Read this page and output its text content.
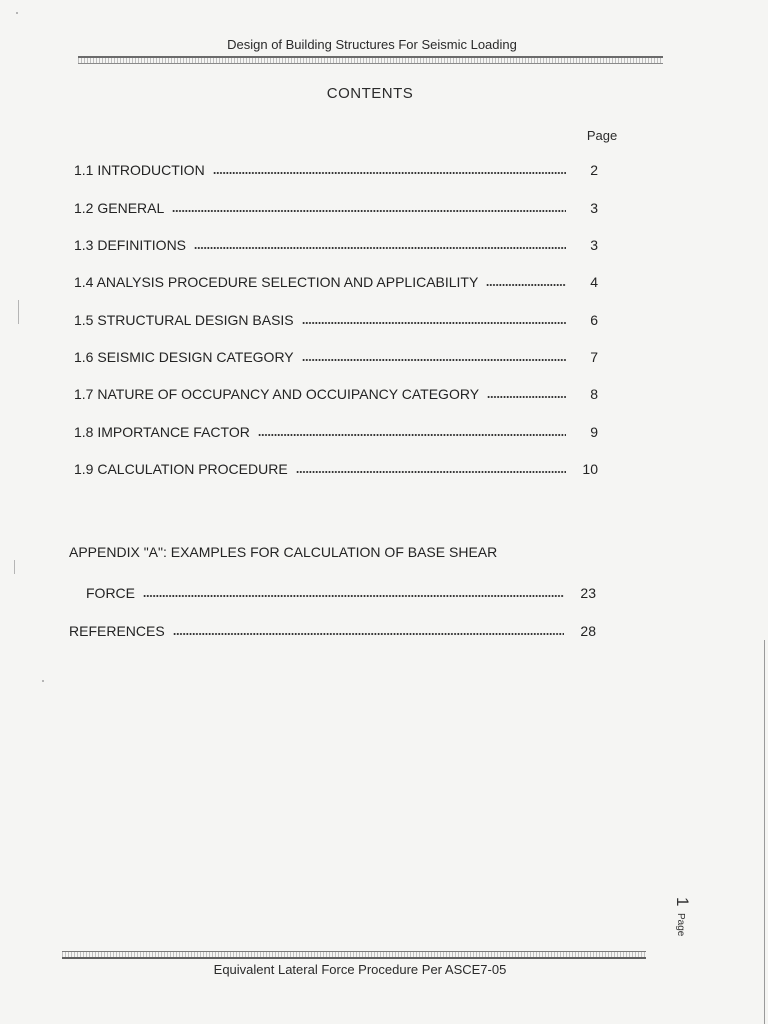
Design of Building Structures For Seismic Loading
CONTENTS
Page
1.1 INTRODUCTION	2
1.2 GENERAL	3
1.3 DEFINITIONS	3
1.4 ANALYSIS PROCEDURE SELECTION AND APPLICABILITY	4
1.5 STRUCTURAL DESIGN BASIS	6
1.6 SEISMIC DESIGN CATEGORY	7
1.7 NATURE OF OCCUPANCY AND OCCUIPANCY CATEGORY	8
1.8 IMPORTANCE FACTOR	9
1.9 CALCULATION PROCEDURE	10
APPENDIX "A": EXAMPLES FOR CALCULATION OF BASE SHEAR
FORCE	23
REFERENCES	28
1
Page
Equivalent Lateral Force Procedure Per ASCE7-05
